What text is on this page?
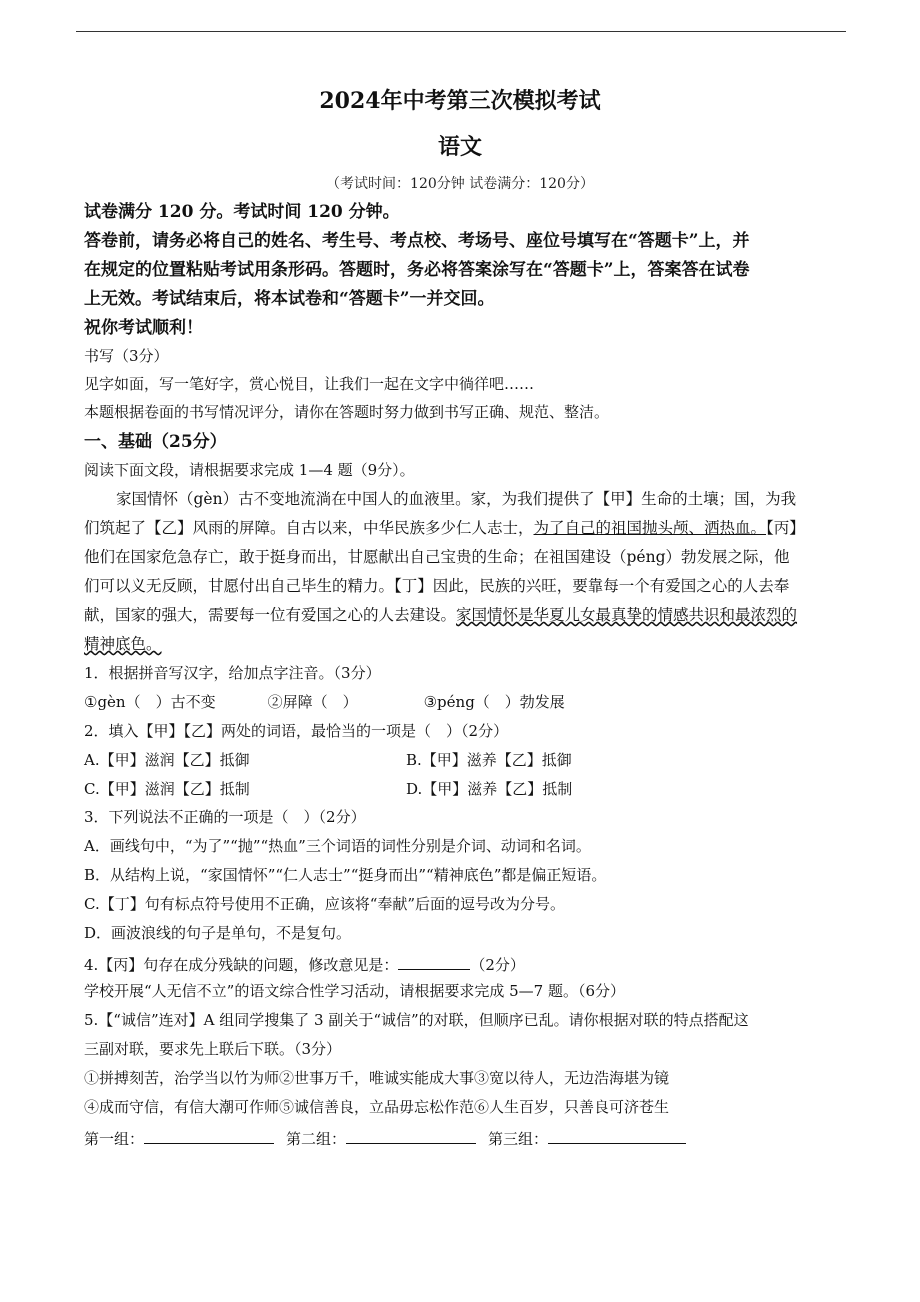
2024年中考第三次模拟考试
语文
（考试时间：120分钟 试卷满分：120分）
试卷满分 120 分。考试时间 120 分钟。
答卷前，请务必将自己的姓名、考生号、考点校、考场号、座位号填写在“答题卡”上，并
在规定的位置粘贴考试用条形码。答题时，务必将答案涂写在“答题卡”上，答案答在试卷
上无效。考试结束后，将本试卷和“答题卡”一并交回。
祝你考试顺利！
书写（3分）
见字如面，写一笔好字，赏心悦目，让我们一起在文字中徜徉吧……
本题根据卷面的书写情况评分，请你在答题时努力做到书写正确、规范、整洁。
一、基础（25分）
阅读下面文段，请根据要求完成 1—4 题（9分）。
家国情怀（gèn）古不变地流淌在中国人的血液里。家，为我们提供了【甲】生命的土壤；国，为我
们筑起了【乙】风雨的屏障。自古以来，中华民族多少仁人志士，为了自己的祖国抛头颅、洒热血。【丙】
他们在国家危急存亡，敢于挺身而出，甘愿献出自己宝贵的生命；在祖国建设（péng）勃发展之际，他
们可以义无反顾，甘愿付出自己毕生的精力。【丁】因此，民族的兴旺，要靠每一个有爱国之心的人去奉
献，国家的强大，需要每一位有爱国之心的人去建设。家国情怀是华夏儿女最真挚的情感共识和最浓烈的
精神底色。
1．根据拼音写汉字，给加点字注音。（3分）
①gèn（　）古不变	②屏障（　）	③péng（　）勃发展
2．填入【甲】【乙】两处的词语，最恰当的一项是（　）（2分）
A.【甲】滋润【乙】抵御	B.【甲】滋养【乙】抵御
C.【甲】滋润【乙】抵制	D.【甲】滋养【乙】抵制
3．下列说法不正确的一项是（　）（2分）
A．画线句中，“为了”“抛”“热血”三个词语的词性分别是介词、动词和名词。
B．从结构上说，“家国情怀”“仁人志士”“挺身而出”“精神底色”都是偏正短语。
C.【丁】句有标点符号使用不正确，应该将“奉献”后面的逗号改为分号。
D．画波浪线的句子是单句，不是复句。
4.【丙】句存在成分残缺的问题，修改意见是：	（2分）
学校开展“人无信不立”的语文综合性学习活动，请根据要求完成 5—7 题。（6分）
5.【“诚信”连对】A 组同学搜集了 3 副关于“诚信”的对联，但顺序已乱。请你根据对联的特点搭配这
三副对联，要求先上联后下联。（3分）
①拼搏刻苦，治学当以竹为师②世事万千，唯诚实能成大事③宽以待人，无边浩海堪为镜
④成而守信，有信大潮可作师⑤诚信善良，立品毋忘松作范⑥人生百岁，只善良可济苍生
第一组：	第二组：	第三组：
